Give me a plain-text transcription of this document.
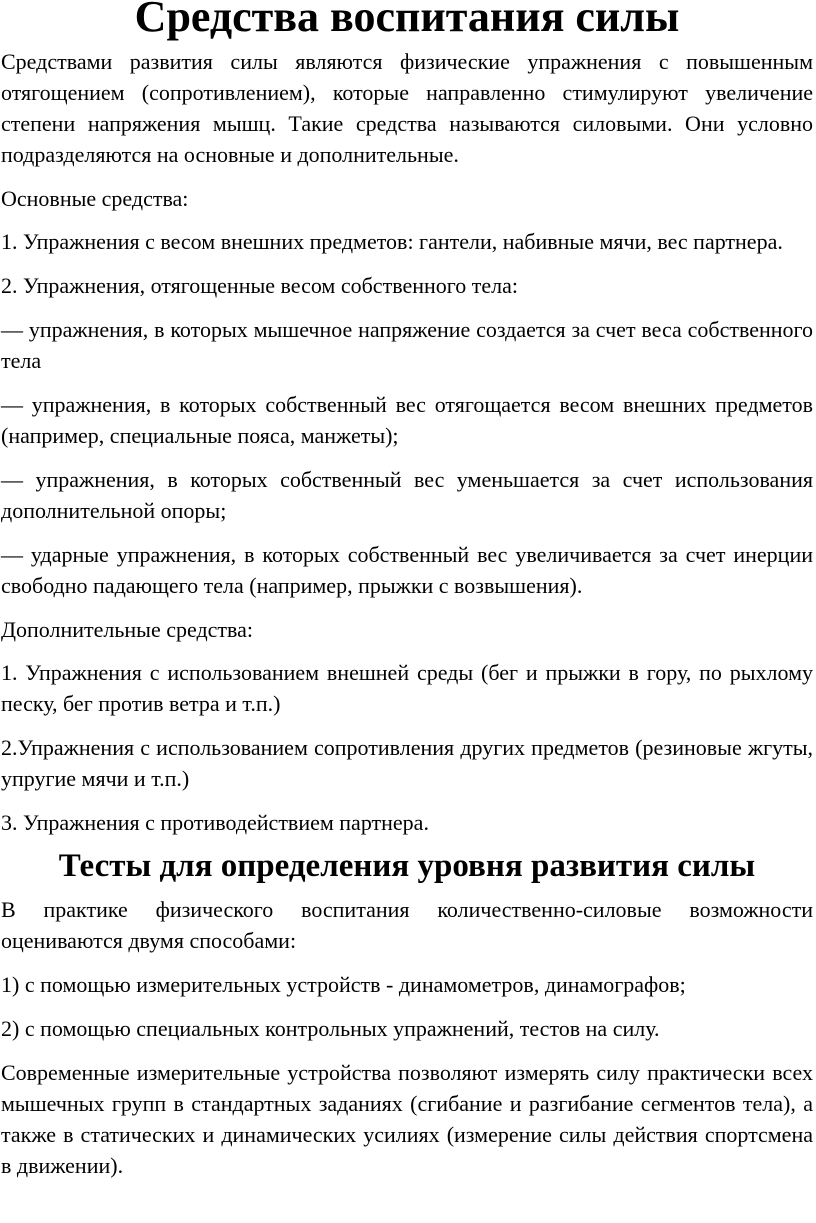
Средства воспитания силы

Средствами развития силы являются физические упражнения с повышенным отягощением (сопротивлением), которые направленно стимулируют увеличение степени напряжения мышц. Такие средства называются силовыми. Они условно подразделяются на основные и дополнительные.

Основные средства:

1. Упражнения с весом внешних предметов: гантели, набивные мячи, вес партнера.

2. Упражнения, отягощенные весом собственного тела:

— упражнения, в которых мышечное напряжение создается за счет веса собственного тела

— упражнения, в которых собственный вес отягощается весом внешних предметов (например, специальные пояса, манжеты);

— упражнения, в которых собственный вес уменьшается за счет использования дополнительной опоры;

— ударные упражнения, в которых собственный вес увеличивается за счет инерции свободно падающего тела (например, прыжки с возвышения).

Дополнительные средства:

1. Упражнения с использованием внешней среды (бег и прыжки в гору, по рыхлому песку, бег против ветра и т.п.)

2.Упражнения с использованием сопротивления других предметов (резиновые жгуты, упругие мячи и т.п.)

3. Упражнения с противодействием партнера.

Тесты для определения уровня развития силы

В практике физического воспитания количественно-силовые возможности оцениваются двумя способами:

1) с помощью измерительных устройств - динамометров, динамографов;

2) с помощью специальных контрольных упражнений, тестов на силу.

Современные измерительные устройства позволяют измерять силу практически всех мышечных групп в стандартных заданиях (сгибание и разгибание сегментов тела), а также в статических и динамических усилиях (измерение силы действия спортсмена в движении).
